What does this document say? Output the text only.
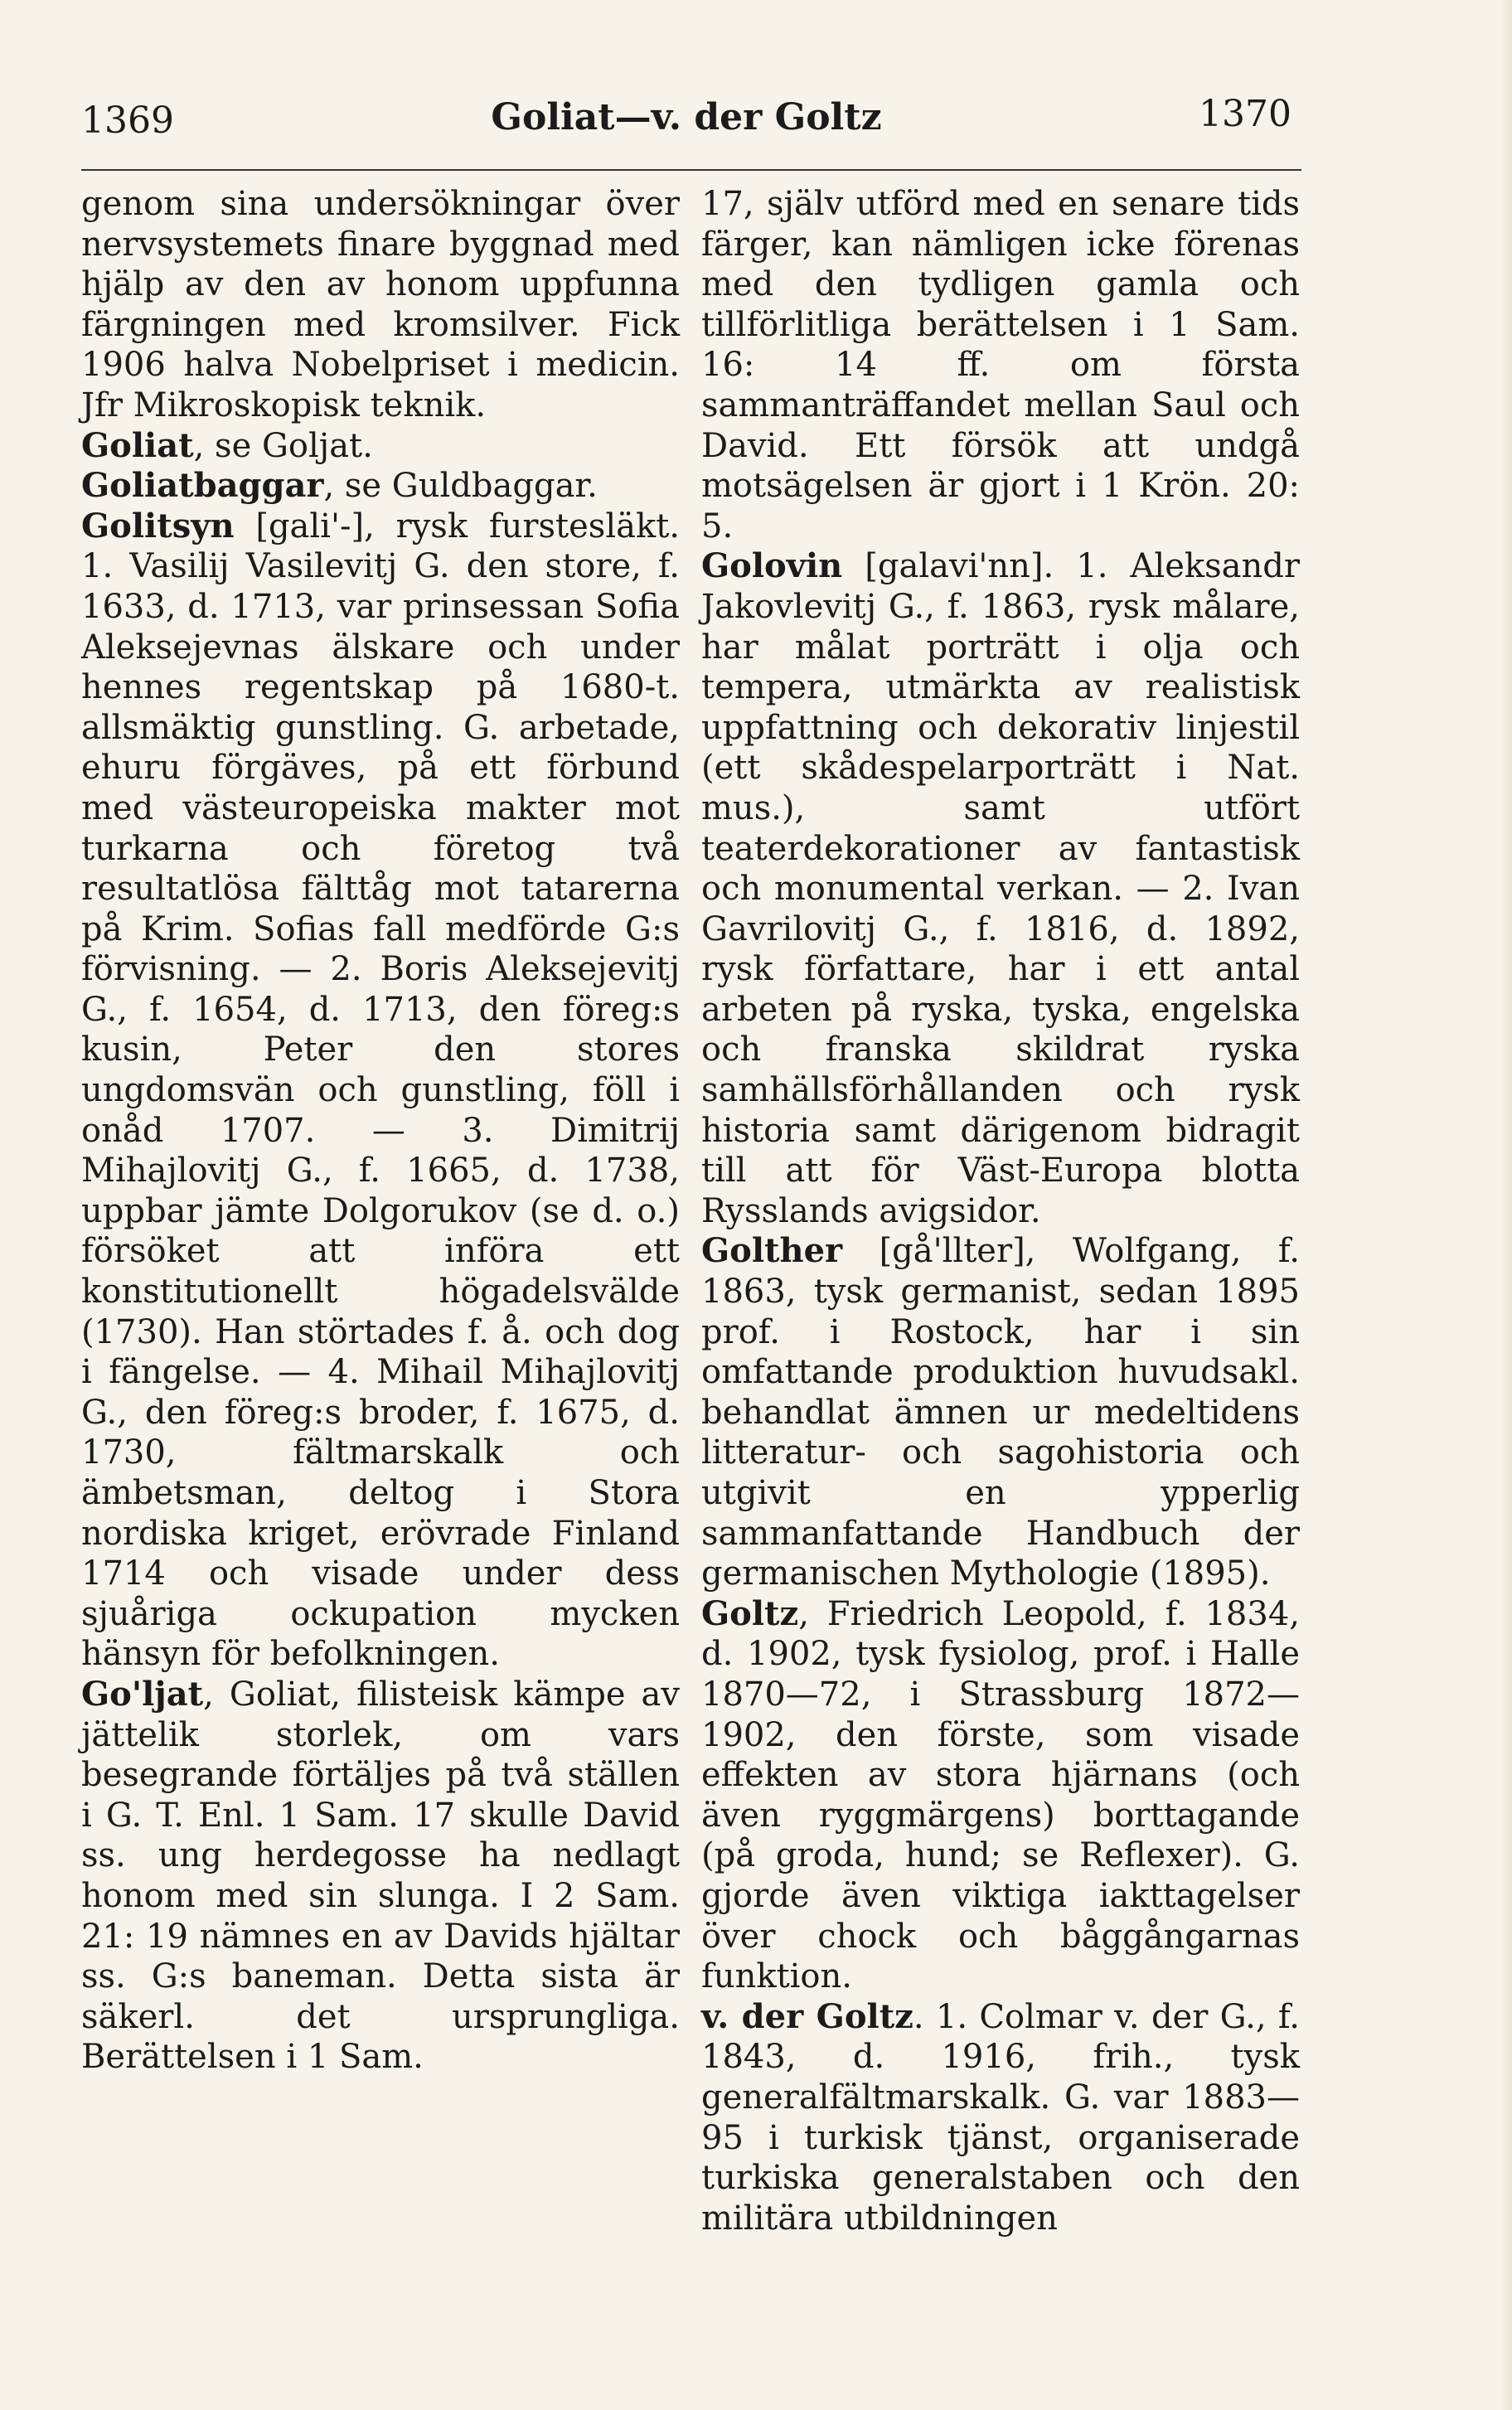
1369	Goliat—v. der Goltz	1370

genom sina undersökningar över nervsystemets finare byggnad med hjälp av den av honom uppfunna färgningen med kromsilver. Fick 1906 halva Nobelpriset i medicin. Jfr Mikroskopisk teknik.

Goliat, se Goljat.

Goliatbaggar, se Guldbaggar.

Golitsyn [gali'-], rysk furstesläkt. 1. Vasilij Vasilevitj G. den store, f. 1633, d. 1713, var prinsessan Sofia Aleksejevnas älskare och under hennes regentskap på 1680-t. allsmäktig gunstling. G. arbetade, ehuru förgäves, på ett förbund med västeuropeiska makter mot turkarna och företog två resultatlösa fälttåg mot tatarerna på Krim. Sofias fall medförde G:s förvisning. — 2. Boris Aleksejevitj G., f. 1654, d. 1713, den föreg:s kusin, Peter den stores ungdomsvän och gunstling, föll i onåd 1707. — 3. Dimitrij Mihajlovitj G., f. 1665, d. 1738, uppbar jämte Dolgorukov (se d. o.) försöket att införa ett konstitutionellt högadelsvälde (1730). Han störtades f. å. och dog i fängelse. — 4. Mihail Mihajlovitj G., den föreg:s broder, f. 1675, d. 1730, fältmarskalk och ämbetsman, deltog i Stora nordiska kriget, erövrade Finland 1714 och visade under dess sjuåriga ockupation mycken hänsyn för befolkningen.

Go'ljat, Goliat, filisteisk kämpe av jättelik storlek, om vars besegrande förtäljes på två ställen i G. T. Enl. 1 Sam. 17 skulle David ss. ung herdegosse ha nedlagt honom med sin slunga. I 2 Sam. 21: 19 nämnes en av Davids hjältar ss. G:s baneman. Detta sista är säkerl. det ursprungliga. Berättelsen i 1 Sam.

17, själv utförd med en senare tids färger, kan nämligen icke förenas med den tydligen gamla och tillförlitliga berättelsen i 1 Sam. 16: 14 ff. om första sammanträffandet mellan Saul och David. Ett försök att undgå motsägelsen är gjort i 1 Krön. 20: 5.

Golovin [galavi'nn]. 1. Aleksandr Jakovlevitj G., f. 1863, rysk målare, har målat porträtt i olja och tempera, utmärkta av realistisk uppfattning och dekorativ linjestil (ett skådespelarporträtt i Nat. mus.), samt utfört teaterdekorationer av fantastisk och monumental verkan. — 2. Ivan Gavrilovitj G., f. 1816, d. 1892, rysk författare, har i ett antal arbeten på ryska, tyska, engelska och franska skildrat ryska samhällsförhållanden och rysk historia samt därigenom bidragit till att för Väst-Europa blotta Rysslands avigsidor.

Golther [gå'llter], Wolfgang, f. 1863, tysk germanist, sedan 1895 prof. i Rostock, har i sin omfattande produktion huvudsakl. behandlat ämnen ur medeltidens litteratur- och sagohistoria och utgivit en ypperlig sammanfattande Handbuch der germanischen Mythologie (1895).

Goltz, Friedrich Leopold, f. 1834, d. 1902, tysk fysiolog, prof. i Halle 1870—72, i Strassburg 1872—1902, den förste, som visade effekten av stora hjärnans (och även ryggmärgens) borttagande (på groda, hund; se Reflexer). G. gjorde även viktiga iakttagelser över chock och båggångarnas funktion.

v. der Goltz. 1. Colmar v. der G., f. 1843, d. 1916, frih., tysk generalfältmarskalk. G. var 1883—95 i turkisk tjänst, organiserade turkiska generalstaben och den militära utbildningen
